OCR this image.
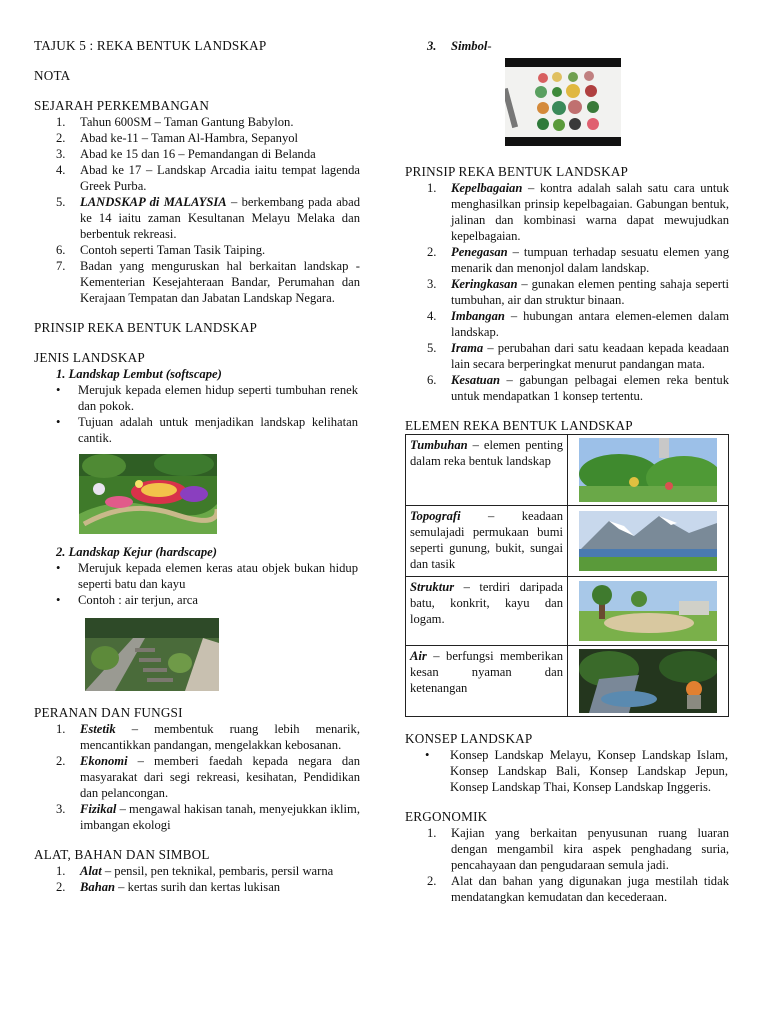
TAJUK 5 : REKA BENTUK LANDSKAP
NOTA
SEJARAH PERKEMBANGAN
1.	Tahun 600SM – Taman Gantung Babylon.
2.	Abad ke-11 – Taman Al-Hambra, Sepanyol
3.	Abad ke 15 dan 16 – Pemandangan di Belanda
4.	Abad ke 17 – Landskap Arcadia iaitu tempat lagenda Greek Purba.
5.	LANDSKAP di MALAYSIA – berkembang pada abad ke 14 iaitu zaman Kesultanan Melayu Melaka dan berbentuk rekreasi.
6.	Contoh seperti Taman Tasik Taiping.
7.	Badan yang menguruskan hal berkaitan landskap - Kementerian Kesejahteraan Bandar, Perumahan dan Kerajaan Tempatan dan Jabatan Landskap Negara.
PRINSIP REKA BENTUK LANDSKAP
JENIS LANDSKAP
1. Landskap Lembut (softscape)
•	Merujuk kepada elemen hidup seperti tumbuhan renek dan pokok.
•	Tujuan adalah untuk menjadikan landskap kelihatan cantik.
2. Landskap Kejur (hardscape)
•	Merujuk kepada elemen keras atau objek bukan hidup seperti batu dan kayu
•	Contoh : air terjun, arca
PERANAN DAN FUNGSI
1.	Estetik – membentuk ruang lebih menarik, mencantikkan pandangan, mengelakkan kebosanan.
2.	Ekonomi – memberi faedah kepada negara dan masyarakat dari segi rekreasi, kesihatan, Pendidikan dan pelancongan.
3.	Fizikal – mengawal hakisan tanah, menyejukkan iklim, imbangan ekologi
ALAT, BAHAN DAN SIMBOL
1.	Alat – pensil, pen teknikal, pembaris, persil warna
2.	Bahan – kertas surih dan kertas lukisan
3.	Simbol -
PRINSIP REKA BENTUK LANDSKAP
1.	Kepelbagaian – kontra adalah salah satu cara untuk menghasilkan prinsip kepelbagaian. Gabungan bentuk, jalinan dan kombinasi warna dapat mewujudkan kepelbagaian.
2.	Penegasan – tumpuan terhadap sesuatu elemen yang menarik dan menonjol dalam landskap.
3.	Keringkasan – gunakan elemen penting sahaja seperti tumbuhan, air dan struktur binaan.
4.	Imbangan – hubungan antara elemen-elemen dalam landskap.
5.	Irama – perubahan dari satu keadaan kepada keadaan lain secara berperingkat menurut pandangan mata.
6.	Kesatuan – gabungan pelbagai elemen reka bentuk untuk mendapatkan 1 konsep tertentu.
ELEMEN REKA BENTUK LANDSKAP
Tumbuhan – elemen penting dalam reka bentuk landskap	

Topografi – keadaan semulajadi permukaan bumi seperti gunung, bukit, sungai dan tasik	

Struktur – terdiri daripada batu, konkrit, kayu dan logam.	

Air – berfungsi memberikan kesan nyaman dan ketenangan	
KONSEP LANDSKAP
•	Konsep Landskap Melayu, Konsep Landskap Islam, Konsep Landskap Bali, Konsep Landskap Jepun, Konsep Landskap Thai, Konsep Landskap Inggeris.
ERGONOMIK
1.	Kajian yang berkaitan penyusunan ruang luaran dengan mengambil kira aspek penghadang suria, pencahayaan dan pengudaraan semula jadi.
2.	Alat dan bahan yang digunakan juga mestilah tidak mendatangkan kemudatan dan kecederaan.
